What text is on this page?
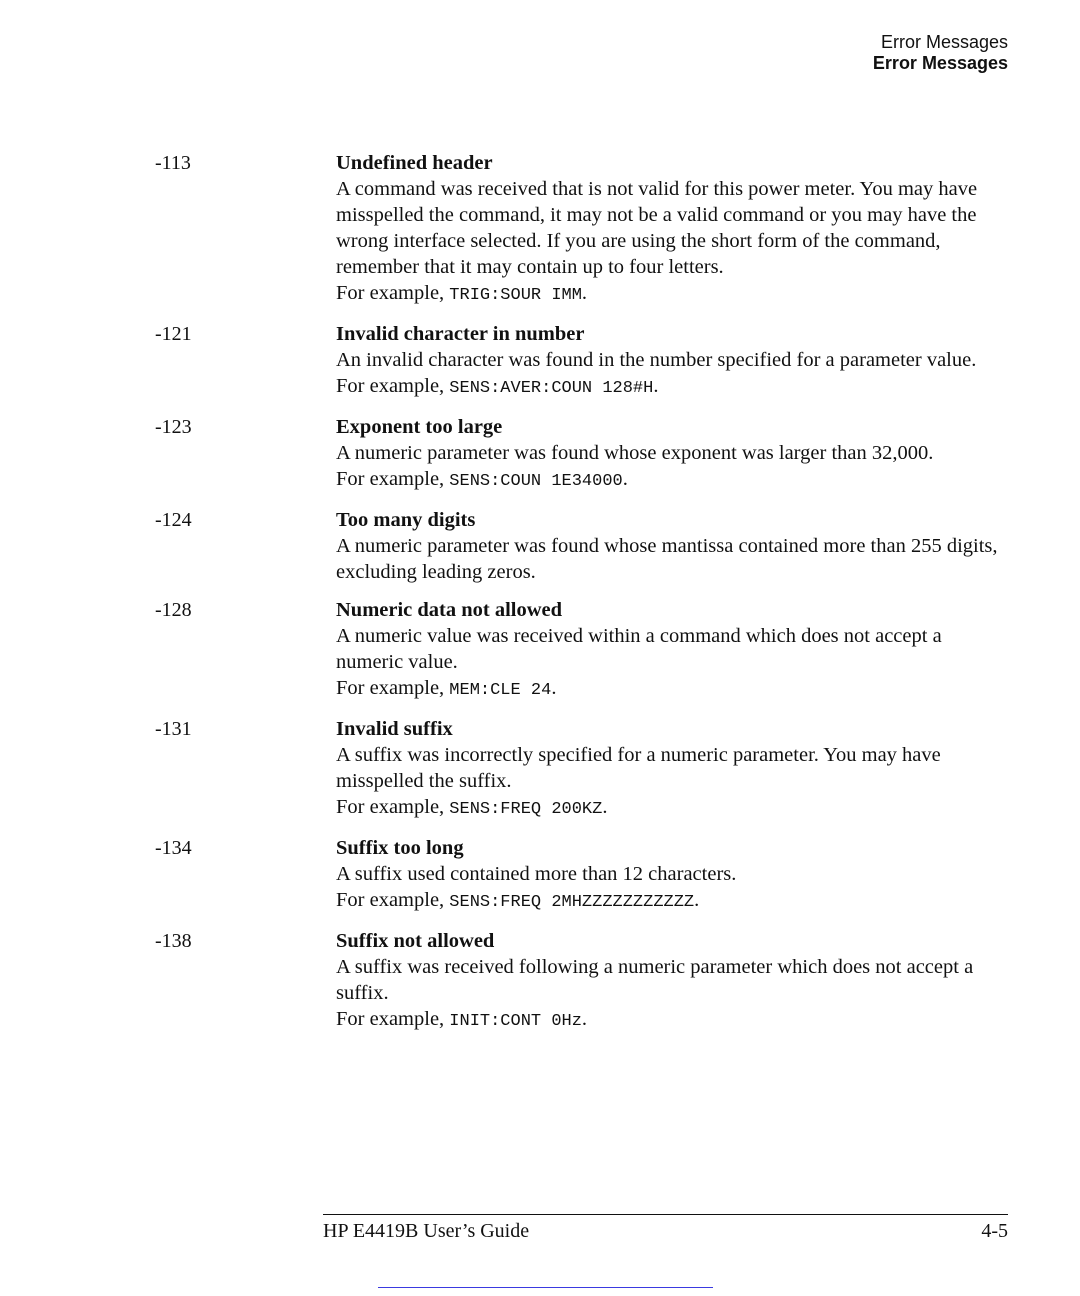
Error Messages
Error Messages
-113	Undefined header
A command was received that is not valid for this power meter. You may have misspelled the command, it may not be a valid command or you may have the wrong interface selected. If you are using the short form of the command, remember that it may contain up to four letters.
For example, TRIG:SOUR IMM.
-121	Invalid character in number
An invalid character was found in the number specified for a parameter value.
For example, SENS:AVER:COUN 128#H.
-123	Exponent too large
A numeric parameter was found whose exponent was larger than 32,000.
For example, SENS:COUN 1E34000.
-124	Too many digits
A numeric parameter was found whose mantissa contained more than 255 digits, excluding leading zeros.
-128	Numeric data not allowed
A numeric value was received within a command which does not accept a numeric value.
For example, MEM:CLE 24.
-131	Invalid suffix
A suffix was incorrectly specified for a numeric parameter. You may have misspelled the suffix.
For example, SENS:FREQ 200KZ.
-134	Suffix too long
A suffix used contained more than 12 characters.
For example, SENS:FREQ 2MHZZZZZZZZZZZ.
-138	Suffix not allowed
A suffix was received following a numeric parameter which does not accept a suffix.
For example, INIT:CONT 0Hz.
HP E4419B User’s Guide	4-5
